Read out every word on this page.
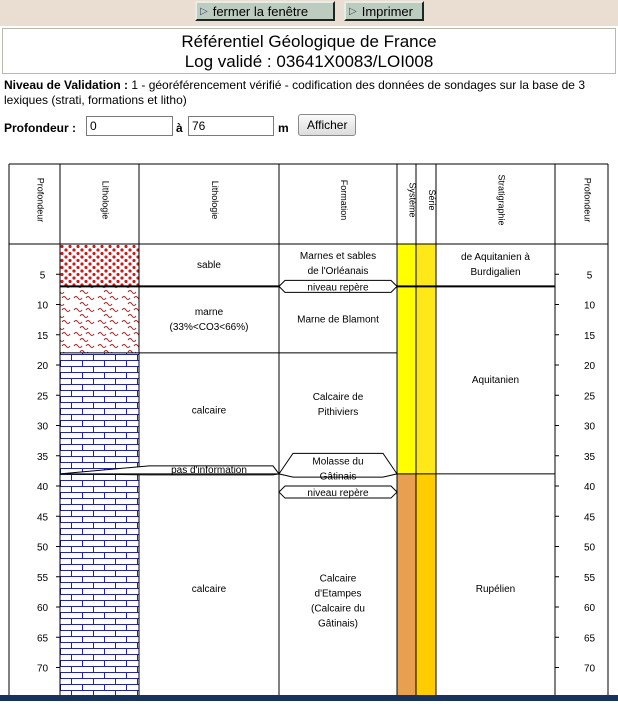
▷ fermer la fenêtre	▷ Imprimer
Référentiel Géologique de France
Log validé : 03641X0083/LOI008
Niveau de Validation : 1 - géoréférencement vérifié - codification des données de sondages sur la base de 3 lexiques (strati, formations et litho)
Profondeur :
0	à
76	m	Afficher
Profondeur	Lithologie	Lithologie	Formation	Système Série	Stratigraphie	Profondeur
5	5
10	10
15	15
20	20
25	25
30	30
35	35
40	40
45	45
50	50
55	55
60	60
65	65
70	70
sable
marne
(33%<CO3<66%)
calcaire
calcaire
pas d'information
Marnes et sables
de l'Orléanais
Marne de Blamont
Calcaire de
Pithiviers
Calcaire
d'Etampes
(Calcaire du
Gâtinais)
Molasse du
Gâtinais
niveau repère
niveau repère
de Aquitanien à
Burdigalien
Aquitanien
Rupélien
